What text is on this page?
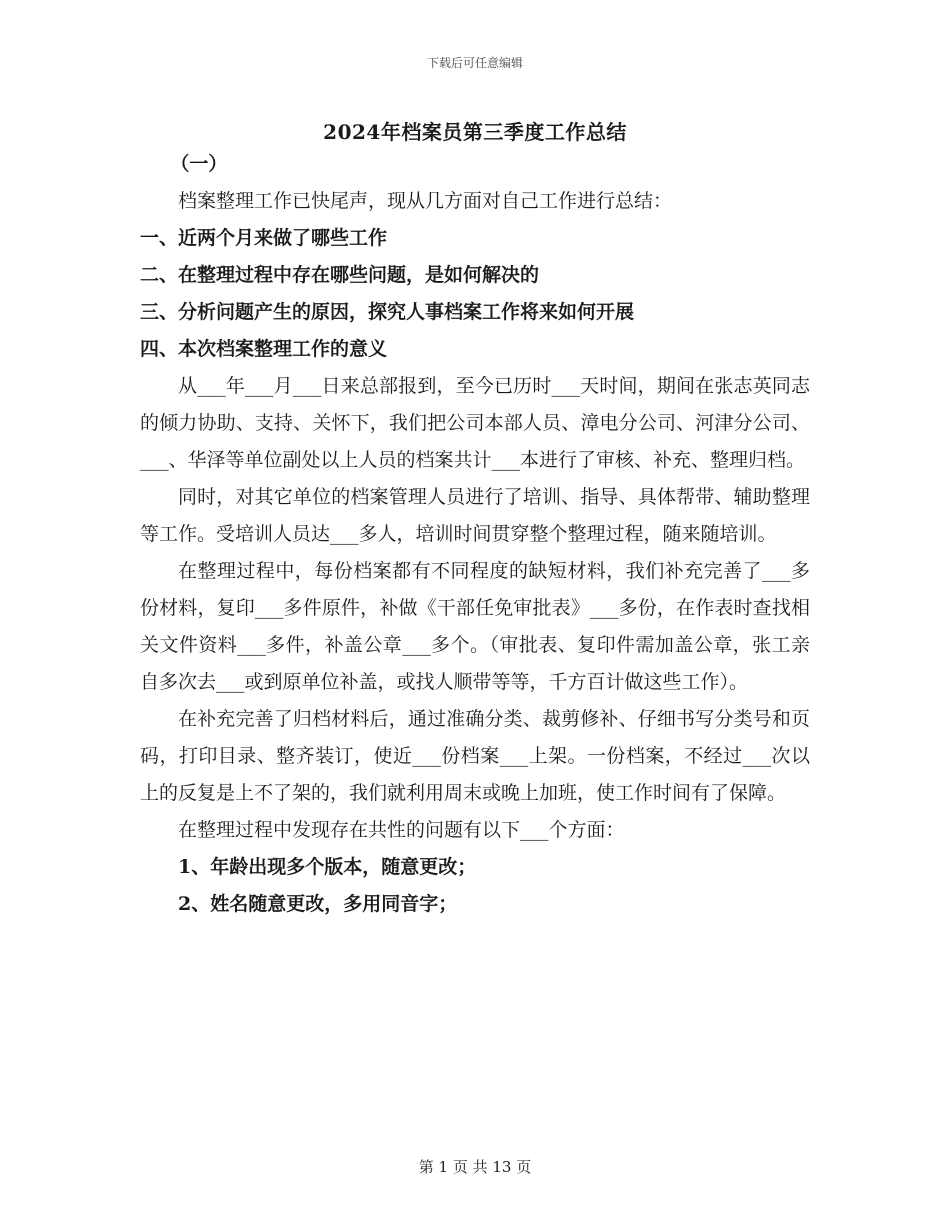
下载后可任意编辑
2024年档案员第三季度工作总结

（一）

档案整理工作已快尾声，现从几方面对自己工作进行总结：

一、近两个月来做了哪些工作

二、在整理过程中存在哪些问题，是如何解决的

三、分析问题产生的原因，探究人事档案工作将来如何开展

四、本次档案整理工作的意义

从___年___月___日来总部报到，至今已历时___天时间，期间在张志英同志的倾力协助、支持、关怀下，我们把公司本部人员、漳电分公司、河津分公司、___、华泽等单位副处以上人员的档案共计___本进行了审核、补充、整理归档。

同时，对其它单位的档案管理人员进行了培训、指导、具体帮带、辅助整理等工作。受培训人员达___多人，培训时间贯穿整个整理过程，随来随培训。

在整理过程中，每份档案都有不同程度的缺短材料，我们补充完善了___多份材料，复印___多件原件，补做《干部任免审批表》___多份，在作表时查找相关文件资料___多件，补盖公章___多个。（审批表、复印件需加盖公章，张工亲自多次去___或到原单位补盖，或找人顺带等等，千方百计做这些工作）。

在补充完善了归档材料后，通过准确分类、裁剪修补、仔细书写分类号和页码，打印目录、整齐装订，使近___份档案___上架。一份档案，不经过___次以上的反复是上不了架的，我们就利用周末或晚上加班，使工作时间有了保障。

在整理过程中发现存在共性的问题有以下___个方面：

1、年龄出现多个版本，随意更改；

2、姓名随意更改，多用同音字；

第 1 页 共 13 页
